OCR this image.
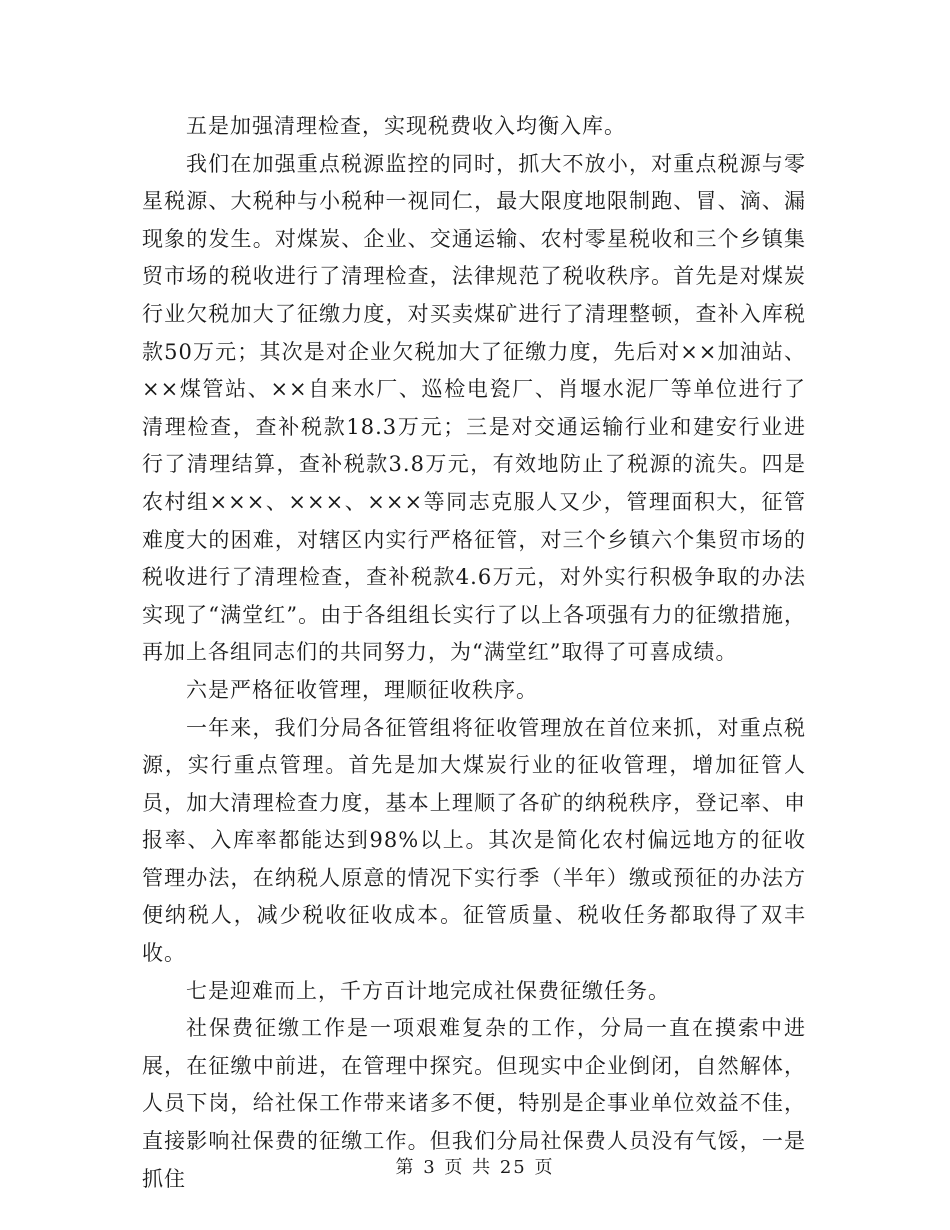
五是加强清理检查，实现税费收入均衡入库。

我们在加强重点税源监控的同时，抓大不放小，对重点税源与零星税源、大税种与小税种一视同仁，最大限度地限制跑、冒、滴、漏现象的发生。对煤炭、企业、交通运输、农村零星税收和三个乡镇集贸市场的税收进行了清理检查，法律规范了税收秩序。首先是对煤炭行业欠税加大了征缴力度，对买卖煤矿进行了清理整顿，查补入库税款50万元；其次是对企业欠税加大了征缴力度，先后对××加油站、××煤管站、××自来水厂、巡检电瓷厂、肖堰水泥厂等单位进行了清理检查，查补税款18.3万元；三是对交通运输行业和建安行业进行了清理结算，查补税款3.8万元，有效地防止了税源的流失。四是农村组×××、×××、×××等同志克服人又少，管理面积大，征管难度大的困难，对辖区内实行严格征管，对三个乡镇六个集贸市场的税收进行了清理检查，查补税款4.6万元，对外实行积极争取的办法实现了“满堂红”。由于各组组长实行了以上各项强有力的征缴措施，再加上各组同志们的共同努力，为“满堂红”取得了可喜成绩。

六是严格征收管理，理顺征收秩序。

一年来，我们分局各征管组将征收管理放在首位来抓，对重点税源，实行重点管理。首先是加大煤炭行业的征收管理，增加征管人员，加大清理检查力度，基本上理顺了各矿的纳税秩序，登记率、申报率、入库率都能达到98%以上。其次是简化农村偏远地方的征收管理办法，在纳税人原意的情况下实行季（半年）缴或预征的办法方便纳税人，减少税收征收成本。征管质量、税收任务都取得了双丰收。

七是迎难而上，千方百计地完成社保费征缴任务。

社保费征缴工作是一项艰难复杂的工作，分局一直在摸索中进展，在征缴中前进，在管理中探究。但现实中企业倒闭，自然解体，人员下岗，给社保工作带来诸多不便，特别是企事业单位效益不佳，直接影响社保费的征缴工作。但我们分局社保费人员没有气馁，一是抓住	第 3 页 共 25 页
